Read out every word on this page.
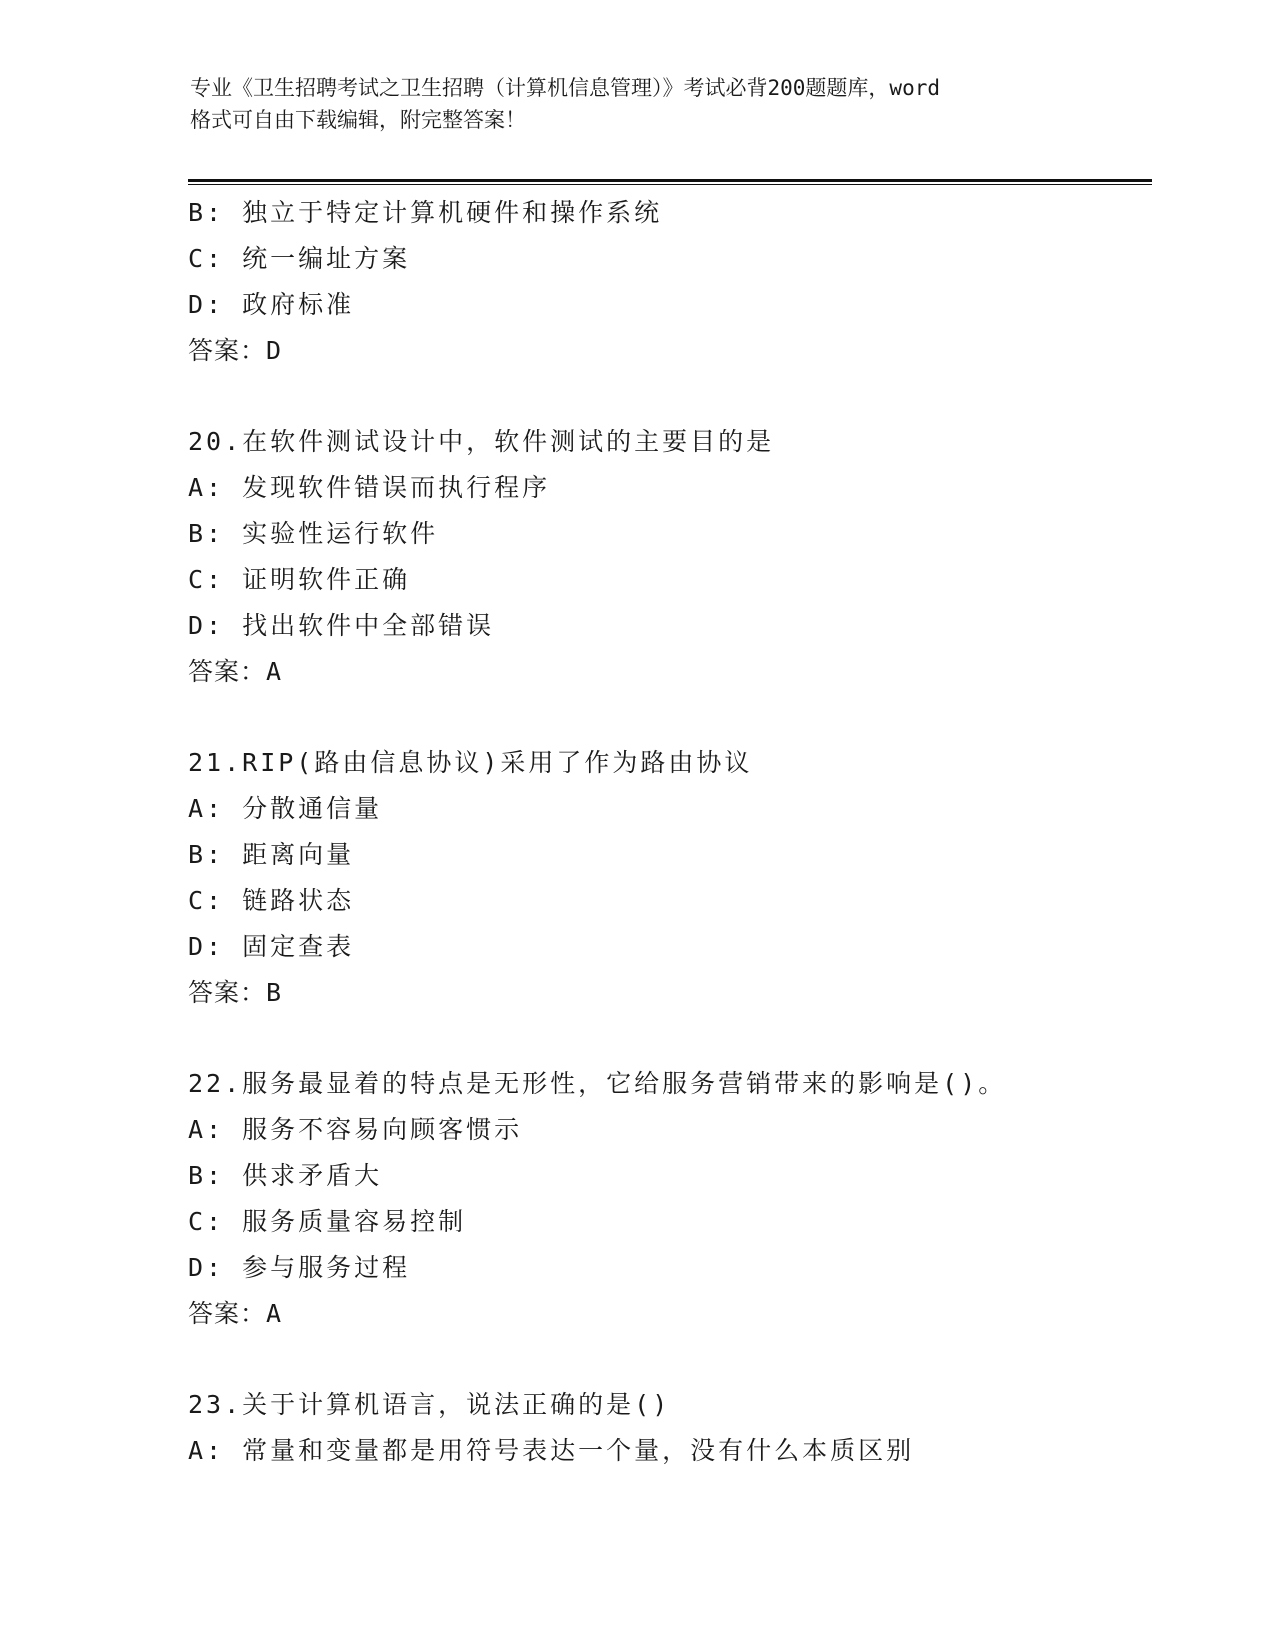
专业《卫生招聘考试之卫生招聘（计算机信息管理）》考试必背200题题库，word
格式可自由下载编辑，附完整答案！
B: 独立于特定计算机硬件和操作系统
C: 统一编址方案
D: 政府标准
答案：D
20.在软件测试设计中，软件测试的主要目的是
A: 发现软件错误而执行程序
B: 实验性运行软件
C: 证明软件正确
D: 找出软件中全部错误
答案：A
21.RIP(路由信息协议)采用了作为路由协议
A: 分散通信量
B: 距离向量
C: 链路状态
D: 固定查表
答案：B
22.服务最显着的特点是无形性，它给服务营销带来的影响是()。
A: 服务不容易向顾客惯示
B: 供求矛盾大
C: 服务质量容易控制
D: 参与服务过程
答案：A
23.关于计算机语言，说法正确的是()
A: 常量和变量都是用符号表达一个量，没有什么本质区别
